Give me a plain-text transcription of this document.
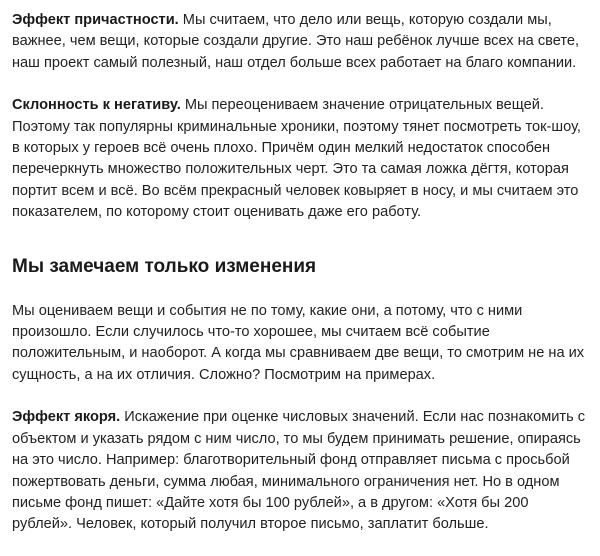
Эффект причастности. Мы считаем, что дело или вещь, которую создали мы, важнее, чем вещи, которые создали другие. Это наш ребёнок лучше всех на свете, наш проект самый полезный, наш отдел больше всех работает на благо компании.

Склонность к негативу. Мы переоцениваем значение отрицательных вещей. Поэтому так популярны криминальные хроники, поэтому тянет посмотреть ток-шоу, в которых у героев всё очень плохо. Причём один мелкий недостаток способен перечеркнуть множество положительных черт. Это та самая ложка дёгтя, которая портит всем и всё. Во всём прекрасный человек ковыряет в носу, и мы считаем это показателем, по которому стоит оценивать даже его работу.

Мы замечаем только изменения

Мы оцениваем вещи и события не по тому, какие они, а потому, что с ними произошло. Если случилось что-то хорошее, мы считаем всё событие положительным, и наоборот. А когда мы сравниваем две вещи, то смотрим не на их сущность, а на их отличия. Сложно? Посмотрим на примерах.

Эффект якоря. Искажение при оценке числовых значений. Если нас познакомить с объектом и указать рядом с ним число, то мы будем принимать решение, опираясь на это число. Например: благотворительный фонд отправляет письма с просьбой пожертвовать деньги, сумма любая, минимального ограничения нет. Но в одном письме фонд пишет: «Дайте хотя бы 100 рублей», а в другом: «Хотя бы 200 рублей». Человек, который получил второе письмо, заплатит больше.
